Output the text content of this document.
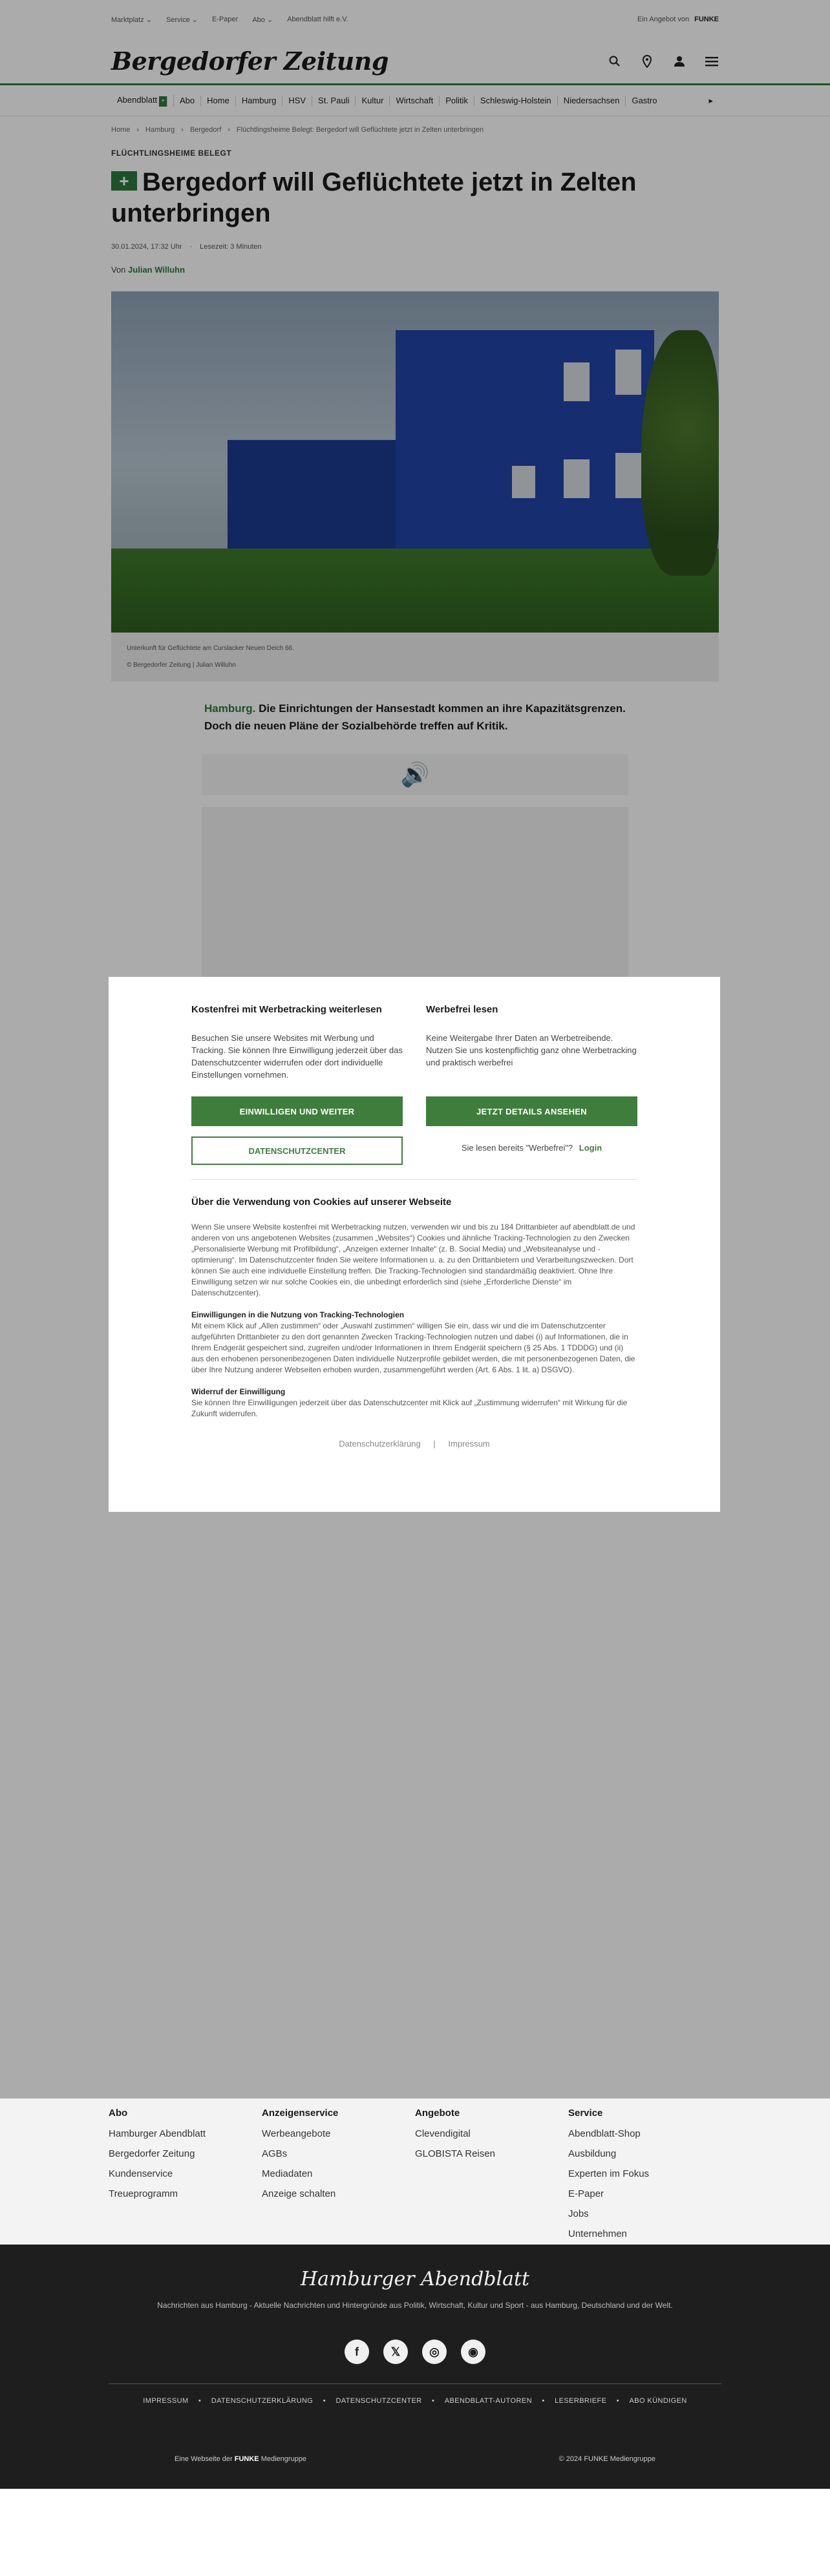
Marktplatz ⌄ Service ⌄ E-Paper Abo ⌄ Abendblatt hilft e.V.	Ein Angebot von FUNKE
Bergedorfer Zeitung
Abendblatt +	Abo	Home	Hamburg	HSV	St. Pauli	Kultur	Wirtschaft	Politik	Schleswig-Holstein	Niedersachsen	Gastro	▸
Home › Hamburg › Bergedorf › Flüchtlingsheime Belegt: Bergedorf will Geflüchtete jetzt in Zelten unterbringen
FLÜCHTLINGSHEIME BELEGT
+ Bergedorf will Geflüchtete jetzt in Zelten unterbringen
30.01.2024, 17:32 Uhr · Lesezeit: 3 Minuten
Von Julian Willuhn
Unterkunft für Geflüchtete am Curslacker Neuen Deich 66.
© Bergedorfer Zeitung | Julian Willuhn

Hamburg. Die Einrichtungen der Hansestadt kommen an ihre Kapazitätsgrenzen. Doch die neuen Pläne der Sozialbehörde treffen auf Kritik.

🔊
Kostenfrei mit Werbetracking weiterlesen

Besuchen Sie unsere Websites mit Werbung und Tracking. Sie können Ihre Einwilligung jederzeit über das Datenschutzcenter widerrufen oder dort individuelle Einstellungen vornehmen.

EINWILLIGEN UND WEITER
DATENSCHUTZCENTER
Werbefrei lesen

Keine Weitergabe Ihrer Daten an Werbetreibende. Nutzen Sie uns kostenpflichtig ganz ohne Werbetracking und praktisch werbefrei

JETZT DETAILS ANSEHEN
Sie lesen bereits "Werbefrei"? Login
Über die Verwendung von Cookies auf unserer Webseite

Wenn Sie unsere Website kostenfrei mit Werbetracking nutzen, verwenden wir und bis zu 184 Drittanbieter auf abendblatt.de und anderen von uns angebotenen Websites (zusammen „Websites“) Cookies und ähnliche Tracking-Technologien zu den Zwecken „Personalisierte Werbung mit Profilbildung“, „Anzeigen externer Inhalte“ (z. B. Social Media) und „Websiteanalyse und -optimierung“. Im Datenschutzcenter finden Sie weitere Informationen u. a. zu den Drittanbietern und Verarbeitungszwecken. Dort können Sie auch eine individuelle Einstellung treffen. Die Tracking-Technologien sind standardmäßig deaktiviert. Ohne Ihre Einwilligung setzen wir nur solche Cookies ein, die unbedingt erforderlich sind (siehe „Erforderliche Dienste“ im Datenschutzcenter).

Einwilligungen in die Nutzung von Tracking-Technologien

Mit einem Klick auf „Allen zustimmen“ oder „Auswahl zustimmen“ willigen Sie ein, dass wir und die im Datenschutzcenter aufgeführten Drittanbieter zu den dort genannten Zwecken Tracking-Technologien nutzen und dabei (i) auf Informationen, die in Ihrem Endgerät gespeichert sind, zugreifen und/oder Informationen in Ihrem Endgerät speichern (§ 25 Abs. 1 TDDDG) und (ii) aus den erhobenen personenbezogenen Daten individuelle Nutzerprofile gebildet werden, die mit personenbezogenen Daten, die über Ihre Nutzung anderer Webseiten erhoben wurden, zusammengeführt werden (Art. 6 Abs. 1 lit. a) DSGVO).

Widerruf der Einwilligung

Sie können Ihre Einwilligungen jederzeit über das Datenschutzcenter mit Klick auf „Zustimmung widerrufen“ mit Wirkung für die Zukunft widerrufen.

Datenschutzerklärung | Impressum
Abo
Hamburger Abendblatt
Bergedorfer Zeitung
Kundenservice
Treueprogramm
Anzeigenservice
Werbeangebote
AGBs
Mediadaten
Anzeige schalten
Angebote
Clevendigital
GLOBISTA Reisen
Service
Abendblatt-Shop
Ausbildung
Experten im Fokus
E-Paper
Jobs
Unternehmen
Hamburger Abendblatt
Nachrichten aus Hamburg - Aktuelle Nachrichten und Hintergründe aus Politik, Wirtschaft, Kultur und Sport - aus Hamburg, Deutschland und der Welt.
f	𝕏	◎	◉
IMPRESSUM • DATENSCHUTZERKLÄRUNG • DATENSCHUTZCENTER • ABENDBLATT-AUTOREN • LESERBRIEFE • ABO KÜNDIGEN
Eine Webseite der FUNKE Mediengruppe	© 2024 FUNKE Mediengruppe
